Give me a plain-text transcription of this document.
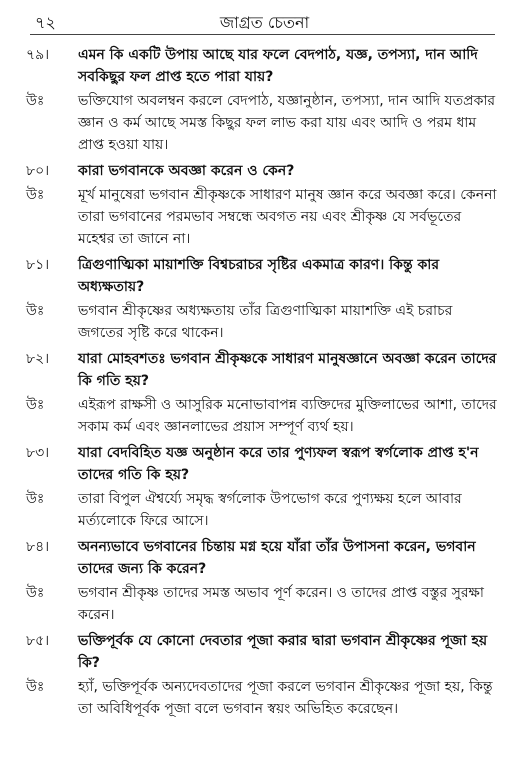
৭২	জাগ্রত চেতনা
৭৯।	এমন কি একটি উপায় আছে যার ফলে বেদপাঠ, যজ্ঞ, তপস্যা, দান আদি সবকিছুর ফল প্রাপ্ত হতে পারা যায়?
উঃ	ভক্তিযোগ অবলম্বন করলে বেদপাঠ, যজ্ঞানুষ্ঠান, তপস্যা, দান আদি যতপ্রকার জ্ঞান ও কর্ম আছে সমস্ত কিছুর ফল লাভ করা যায় এবং আদি ও পরম ধাম প্রাপ্ত হওয়া যায়।
৮০।	কারা ভগবানকে অবজ্ঞা করেন ও কেন?
উঃ	মূর্খ মানুষেরা ভগবান শ্রীকৃষ্ণকে সাধারণ মানুষ জ্ঞান করে অবজ্ঞা করে। কেননা তারা ভগবানের পরমভাব সম্বন্ধে অবগত নয় এবং শ্রীকৃষ্ণ যে সর্বভূতের মহেশ্বর তা জানে না।
৮১।	ত্রিগুণাত্মিকা মায়াশক্তি বিশ্বচরাচর সৃষ্টির একমাত্র কারণ। কিন্তু কার অধ্যক্ষতায়?
উঃ	ভগবান শ্রীকৃষ্ণের অধ্যক্ষতায় তাঁর ত্রিগুণাত্মিকা মায়াশক্তি এই চরাচর জগতের সৃষ্টি করে থাকেন।
৮২।	যারা মোহবশতঃ ভগবান শ্রীকৃষ্ণকে সাধারণ মানুষজ্ঞানে অবজ্ঞা করেন তাদের কি গতি হয়?
উঃ	এইরূপ রাক্ষসী ও আসুরিক মনোভাবাপন্ন ব্যক্তিদের মুক্তিলাভের আশা, তাদের সকাম কর্ম এবং জ্ঞানলাভের প্রয়াস সম্পূর্ণ ব্যর্থ হয়।
৮৩।	যারা বেদবিহিত যজ্ঞ অনুষ্ঠান করে তার পুণ্যফল স্বরূপ স্বর্গলোক প্রাপ্ত হ'ন তাদের গতি কি হয়?
উঃ	তারা বিপুল ঐশ্বর্য্যে সমৃদ্ধ স্বর্গলোক উপভোগ করে পুণ্যক্ষয় হলে আবার মর্ত্যলোকে ফিরে আসে।
৮৪।	অনন্যভাবে ভগবানের চিন্তায় মগ্ন হয়ে যাঁরা তাঁর উপাসনা করেন, ভগবান তাদের জন্য কি করেন?
উঃ	ভগবান শ্রীকৃষ্ণ তাদের সমস্ত অভাব পূর্ণ করেন। ও তাদের প্রাপ্ত বস্তুর সুরক্ষা করেন।
৮৫।	ভক্তিপূর্বক যে কোনো দেবতার পূজা করার দ্বারা ভগবান শ্রীকৃষ্ণের পূজা হয় কি?
উঃ	হ্যাঁ, ভক্তিপূর্বক অন্যদেবতাদের পূজা করলে ভগবান শ্রীকৃষ্ণের পূজা হয়, কিন্তু তা অবিধিপূর্বক পূজা বলে ভগবান স্বয়ং অভিহিত করেছেন।
